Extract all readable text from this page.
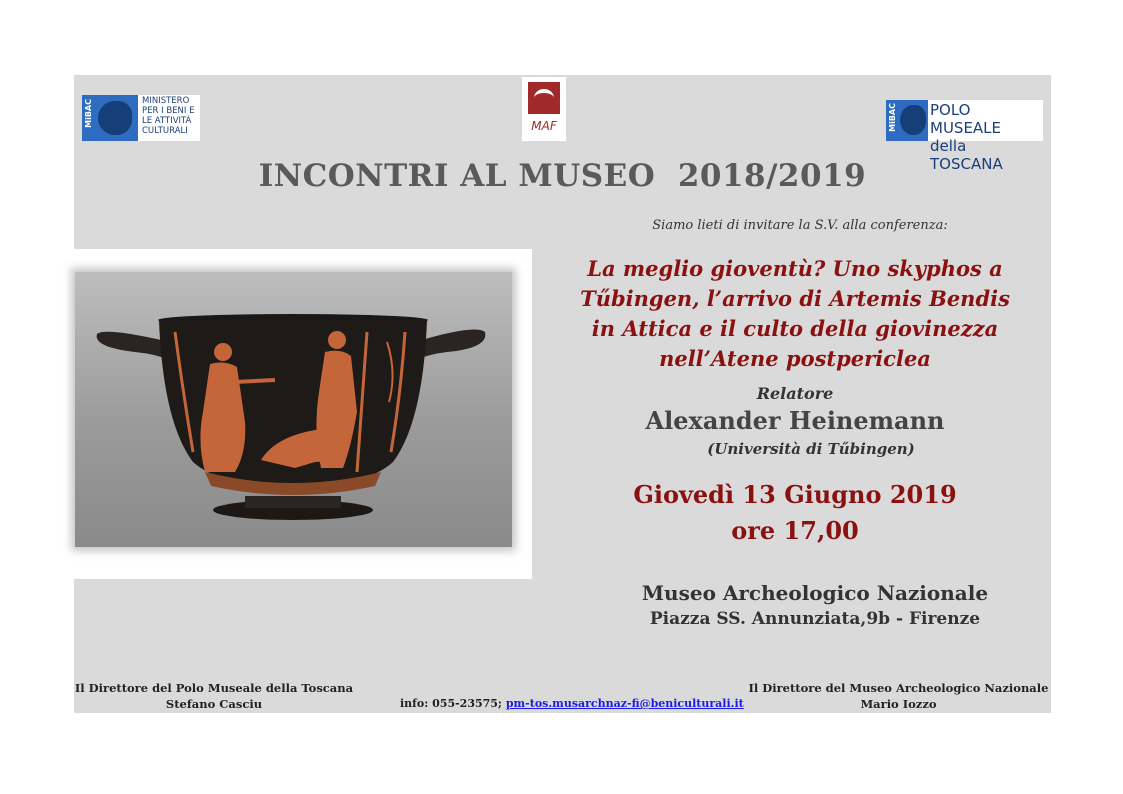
MiBAC	MINISTERO
PER I BENI E
LE ATTIVITÀ
CULTURALI	MAF	MiBAC POLO MUSEALE
della TOSCANA
INCONTRI AL MUSEO  2018/2019
Siamo lieti di invitare la S.V. alla conferenza:
La meglio gioventù? Uno skyphos a
Tűbingen, l’arrivo di Artemis Bendis
in Attica e il culto della giovinezza
nell’Atene postpericlea
Relatore
Alexander Heinemann
(Università di Tűbingen)
Giovedì 13 Giugno 2019
ore 17,00
Museo Archeologico Nazionale
Piazza SS. Annunziata,9b - Firenze
Il Direttore del Polo Museale della Toscana
Stefano Casciu	info: 055-23575; pm-tos.musarchnaz-fi@beniculturali.it
Il Direttore del Museo Archeologico Nazionale
Mario Iozzo
